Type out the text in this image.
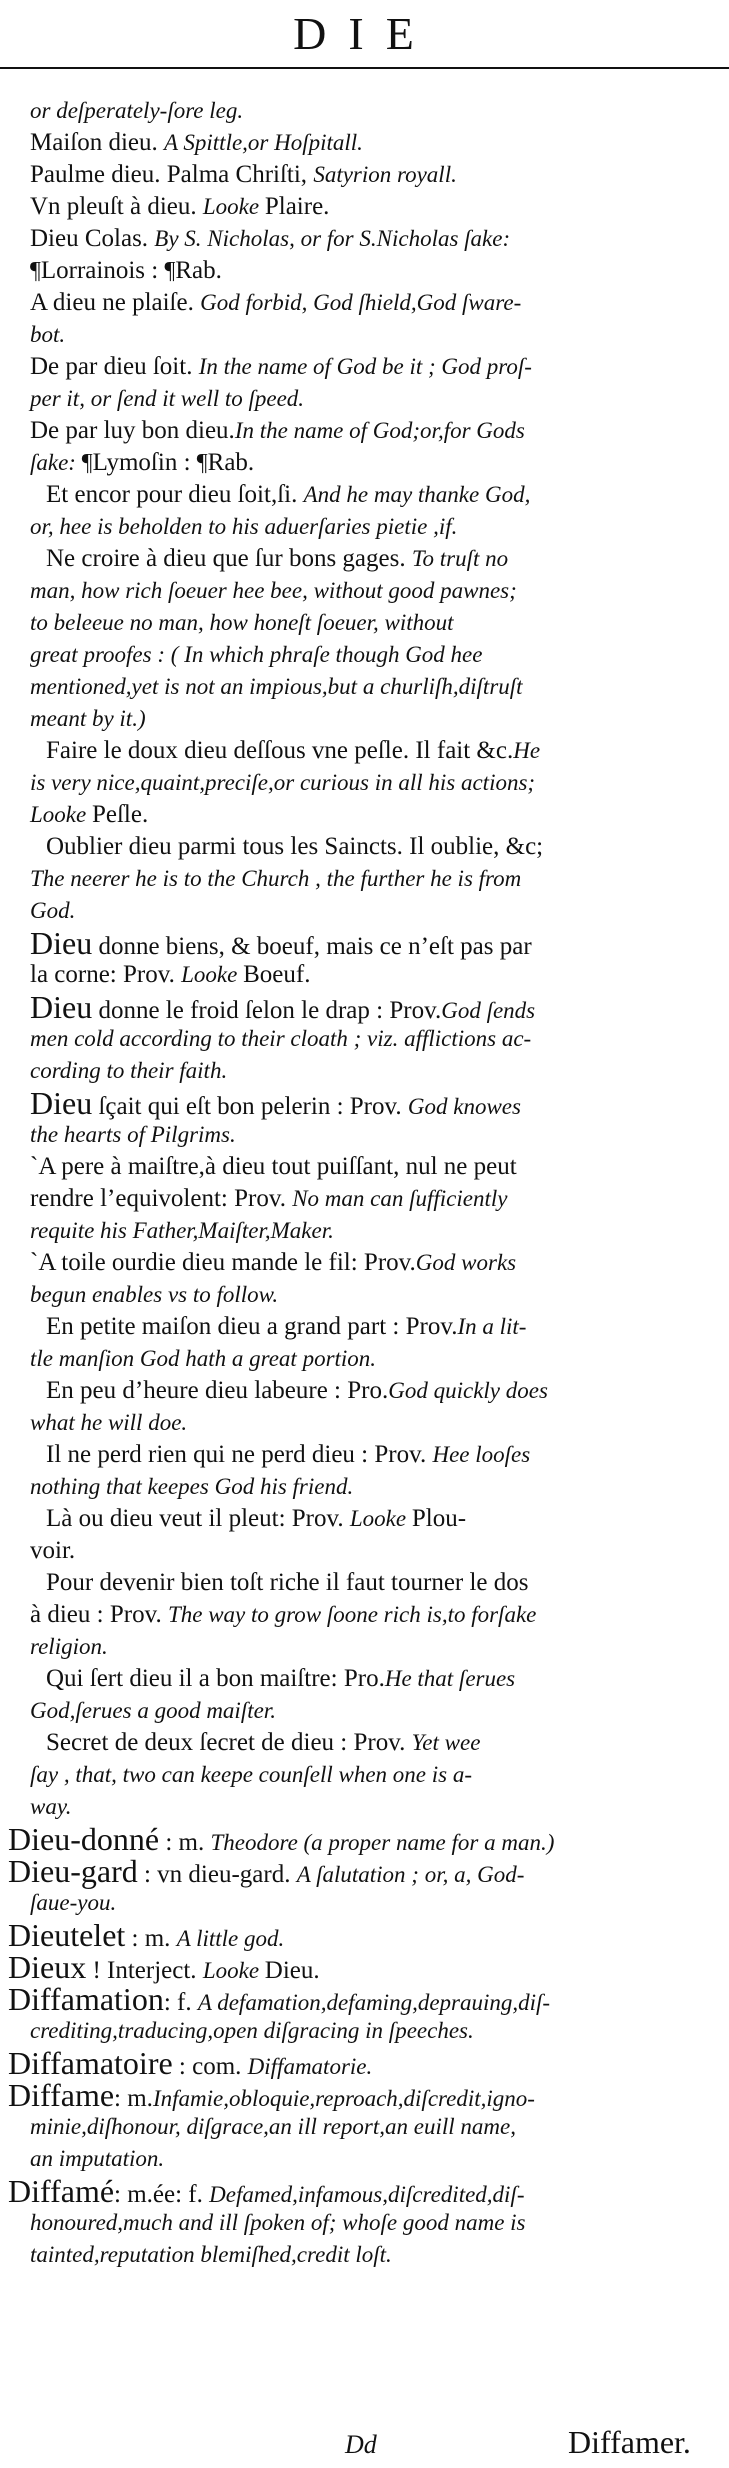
DIE
or deſperately-ſore leg.
Maiſon dieu. A Spittle,or Hoſpitall.
Paulme dieu. Palma Chriſti, Satyrion royall.
Vn pleuſt à dieu. Looke Plaire.
Dieu Colas. By S. Nicholas, or for S.Nicholas ſake:
¶Lorrainois : ¶Rab.
A dieu ne plaiſe. God forbid, God ſhield,God ſware-
bot.
De par dieu ſoit. In the name of God be it ; God proſ-
per it, or ſend it well to ſpeed.
De par luy bon dieu.In the name of God;or,for Gods
ſake: ¶Lymoſin : ¶Rab.
Et encor pour dieu ſoit,ſi. And he may thanke God,
or, hee is beholden to his aduerſaries pietie ,if.
Ne croire à dieu que ſur bons gages. To truſt no
man, how rich ſoeuer hee bee, without good pawnes;
to beleeue no man, how honeſt ſoeuer, without
great proofes : ( In which phraſe though God hee
mentioned,yet is not an impious,but a churliſh,diſtruſt
meant by it.)
Faire le doux dieu deſſous vne peſle. Il fait &c.He
is very nice,quaint,preciſe,or curious in all his actions;
Looke Peſle.
Oublier dieu parmi tous les Saincts. Il oublie, &c;
The neerer he is to the Church , the further he is from
God.
Dieu donne biens, & boeuf, mais ce n’eſt pas par
la corne: Prov. Looke Boeuf.
Dieu donne le froid ſelon le drap : Prov.God ſends
men cold according to their cloath ; viz. afflictions ac-
cording to their faith.
Dieu ſçait qui eſt bon pelerin : Prov. God knowes
the hearts of Pilgrims.
`A pere à maiſtre,à dieu tout puiſſant, nul ne peut
rendre l’equivolent: Prov. No man can ſufficiently
requite his Father,Maiſter,Maker.
`A toile ourdie dieu mande le fil: Prov.God works
begun enables vs to follow.
En petite maiſon dieu a grand part : Prov.In a lit-
tle manſion God hath a great portion.
En peu d’heure dieu labeure : Pro.God quickly does
what he will doe.
Il ne perd rien qui ne perd dieu : Prov. Hee looſes
nothing that keepes God his friend.
Là ou dieu veut il pleut: Prov. Looke Plou-
voir.
Pour devenir bien toſt riche il faut tourner le dos
à dieu : Prov. The way to grow ſoone rich is,to forſake
religion.
Qui ſert dieu il a bon maiſtre: Pro.He that ſerues
God,ſerues a good maiſter.
Secret de deux ſecret de dieu : Prov. Yet wee
ſay , that, two can keepe counſell when one is a-
way.
Dieu-donné : m. Theodore (a proper name for a man.)
Dieu-gard : vn dieu-gard. A ſalutation ; or, a, God-
ſaue-you.
Dieutelet : m. A little god.
Dieux ! Interject. Looke Dieu.
Diffamation: f. A defamation,defaming,deprauing,diſ-
crediting,traducing,open diſgracing in ſpeeches.
Diffamatoire : com. Diffamatorie.
Diffame: m.Infamie,obloquie,reproach,diſcredit,igno-
minie,diſhonour, diſgrace,an ill report,an euill name,
an imputation.
Diffamé: m.ée: f. Defamed,infamous,diſcredited,diſ-
honoured,much and ill ſpoken of; whoſe good name is
tainted,reputation blemiſhed,credit loſt.
Dd	Diffamer.
